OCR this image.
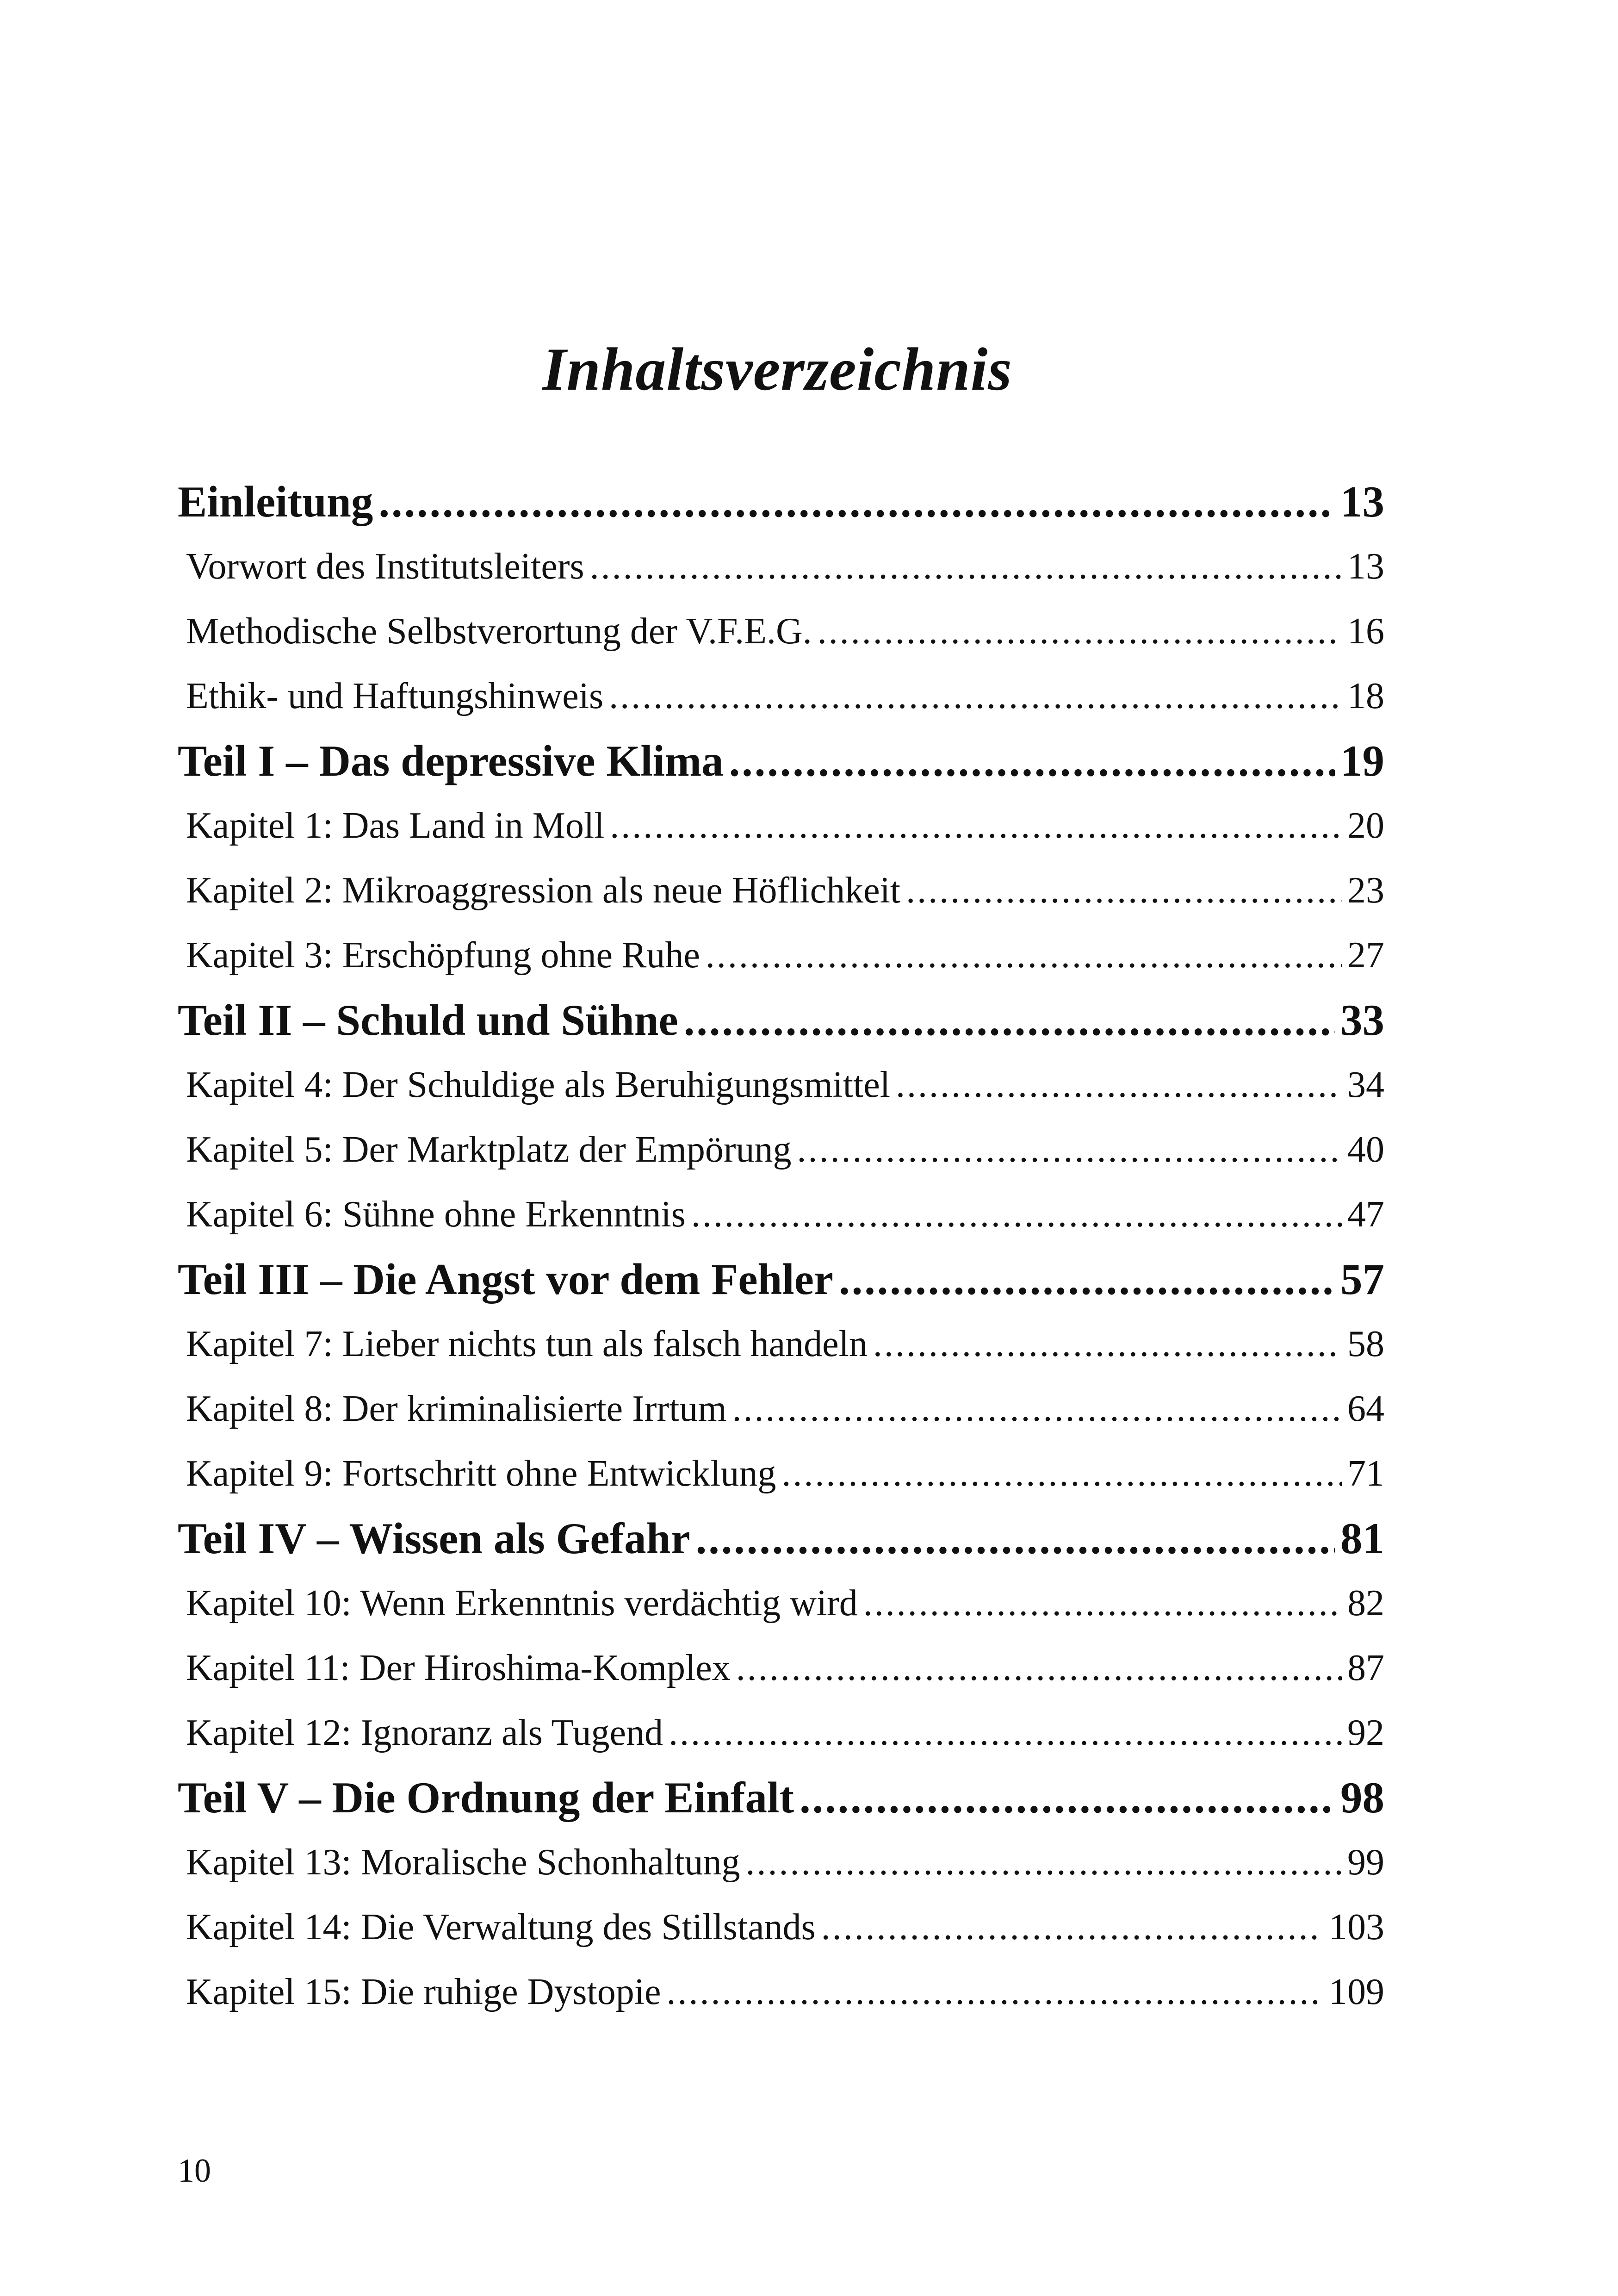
Inhaltsverzeichnis
Einleitung . . .	13
Vorwort des Institutsleiters . . .	13
Methodische Selbstverortung der V.F.E.G. . . .	16
Ethik- und Haftungshinweis . . .	18
Teil I – Das depressive Klima . . .	19
Kapitel 1: Das Land in Moll . . .	20
Kapitel 2: Mikroaggression als neue Höflichkeit . . .	23
Kapitel 3: Erschöpfung ohne Ruhe . . .	27
Teil II – Schuld und Sühne . . .	33
Kapitel 4: Der Schuldige als Beruhigungsmittel . . .	34
Kapitel 5: Der Marktplatz der Empörung . . .	40
Kapitel 6: Sühne ohne Erkenntnis . . .	47
Teil III – Die Angst vor dem Fehler . . .	57
Kapitel 7: Lieber nichts tun als falsch handeln . . .	58
Kapitel 8: Der kriminalisierte Irrtum . . .	64
Kapitel 9: Fortschritt ohne Entwicklung . . .	71
Teil IV – Wissen als Gefahr . . .	81
Kapitel 10: Wenn Erkenntnis verdächtig wird . . .	82
Kapitel 11: Der Hiroshima-Komplex . . .	87
Kapitel 12: Ignoranz als Tugend . . .	92
Teil V – Die Ordnung der Einfalt . . .	98
Kapitel 13: Moralische Schonhaltung . . .	99
Kapitel 14: Die Verwaltung des Stillstands . . .	103
Kapitel 15: Die ruhige Dystopie . . .	109
10
